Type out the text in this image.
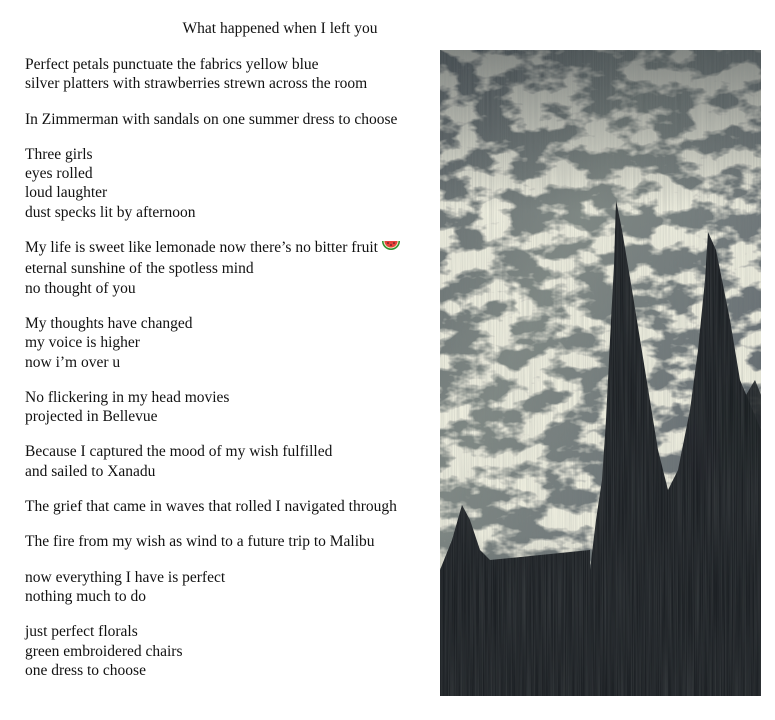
What happened when I left you
Perfect petals punctuate the fabrics yellow blue
silver platters with strawberries strewn across the room
In Zimmerman with sandals on one summer dress to choose
Three girls
eyes rolled
loud laughter
dust specks lit by afternoon
My life is sweet like lemonade now there’s no bitter fruit
eternal sunshine of the spotless mind
no thought of you
My thoughts have changed
my voice is higher
now i’m over u
No flickering in my head movies
projected in Bellevue
Because I captured the mood of my wish fulfilled
and sailed to Xanadu
The grief that came in waves that rolled I navigated through
The fire from my wish as wind to a future trip to Malibu
now everything I have is perfect
nothing much to do
just perfect florals
green embroidered chairs
one dress to choose
